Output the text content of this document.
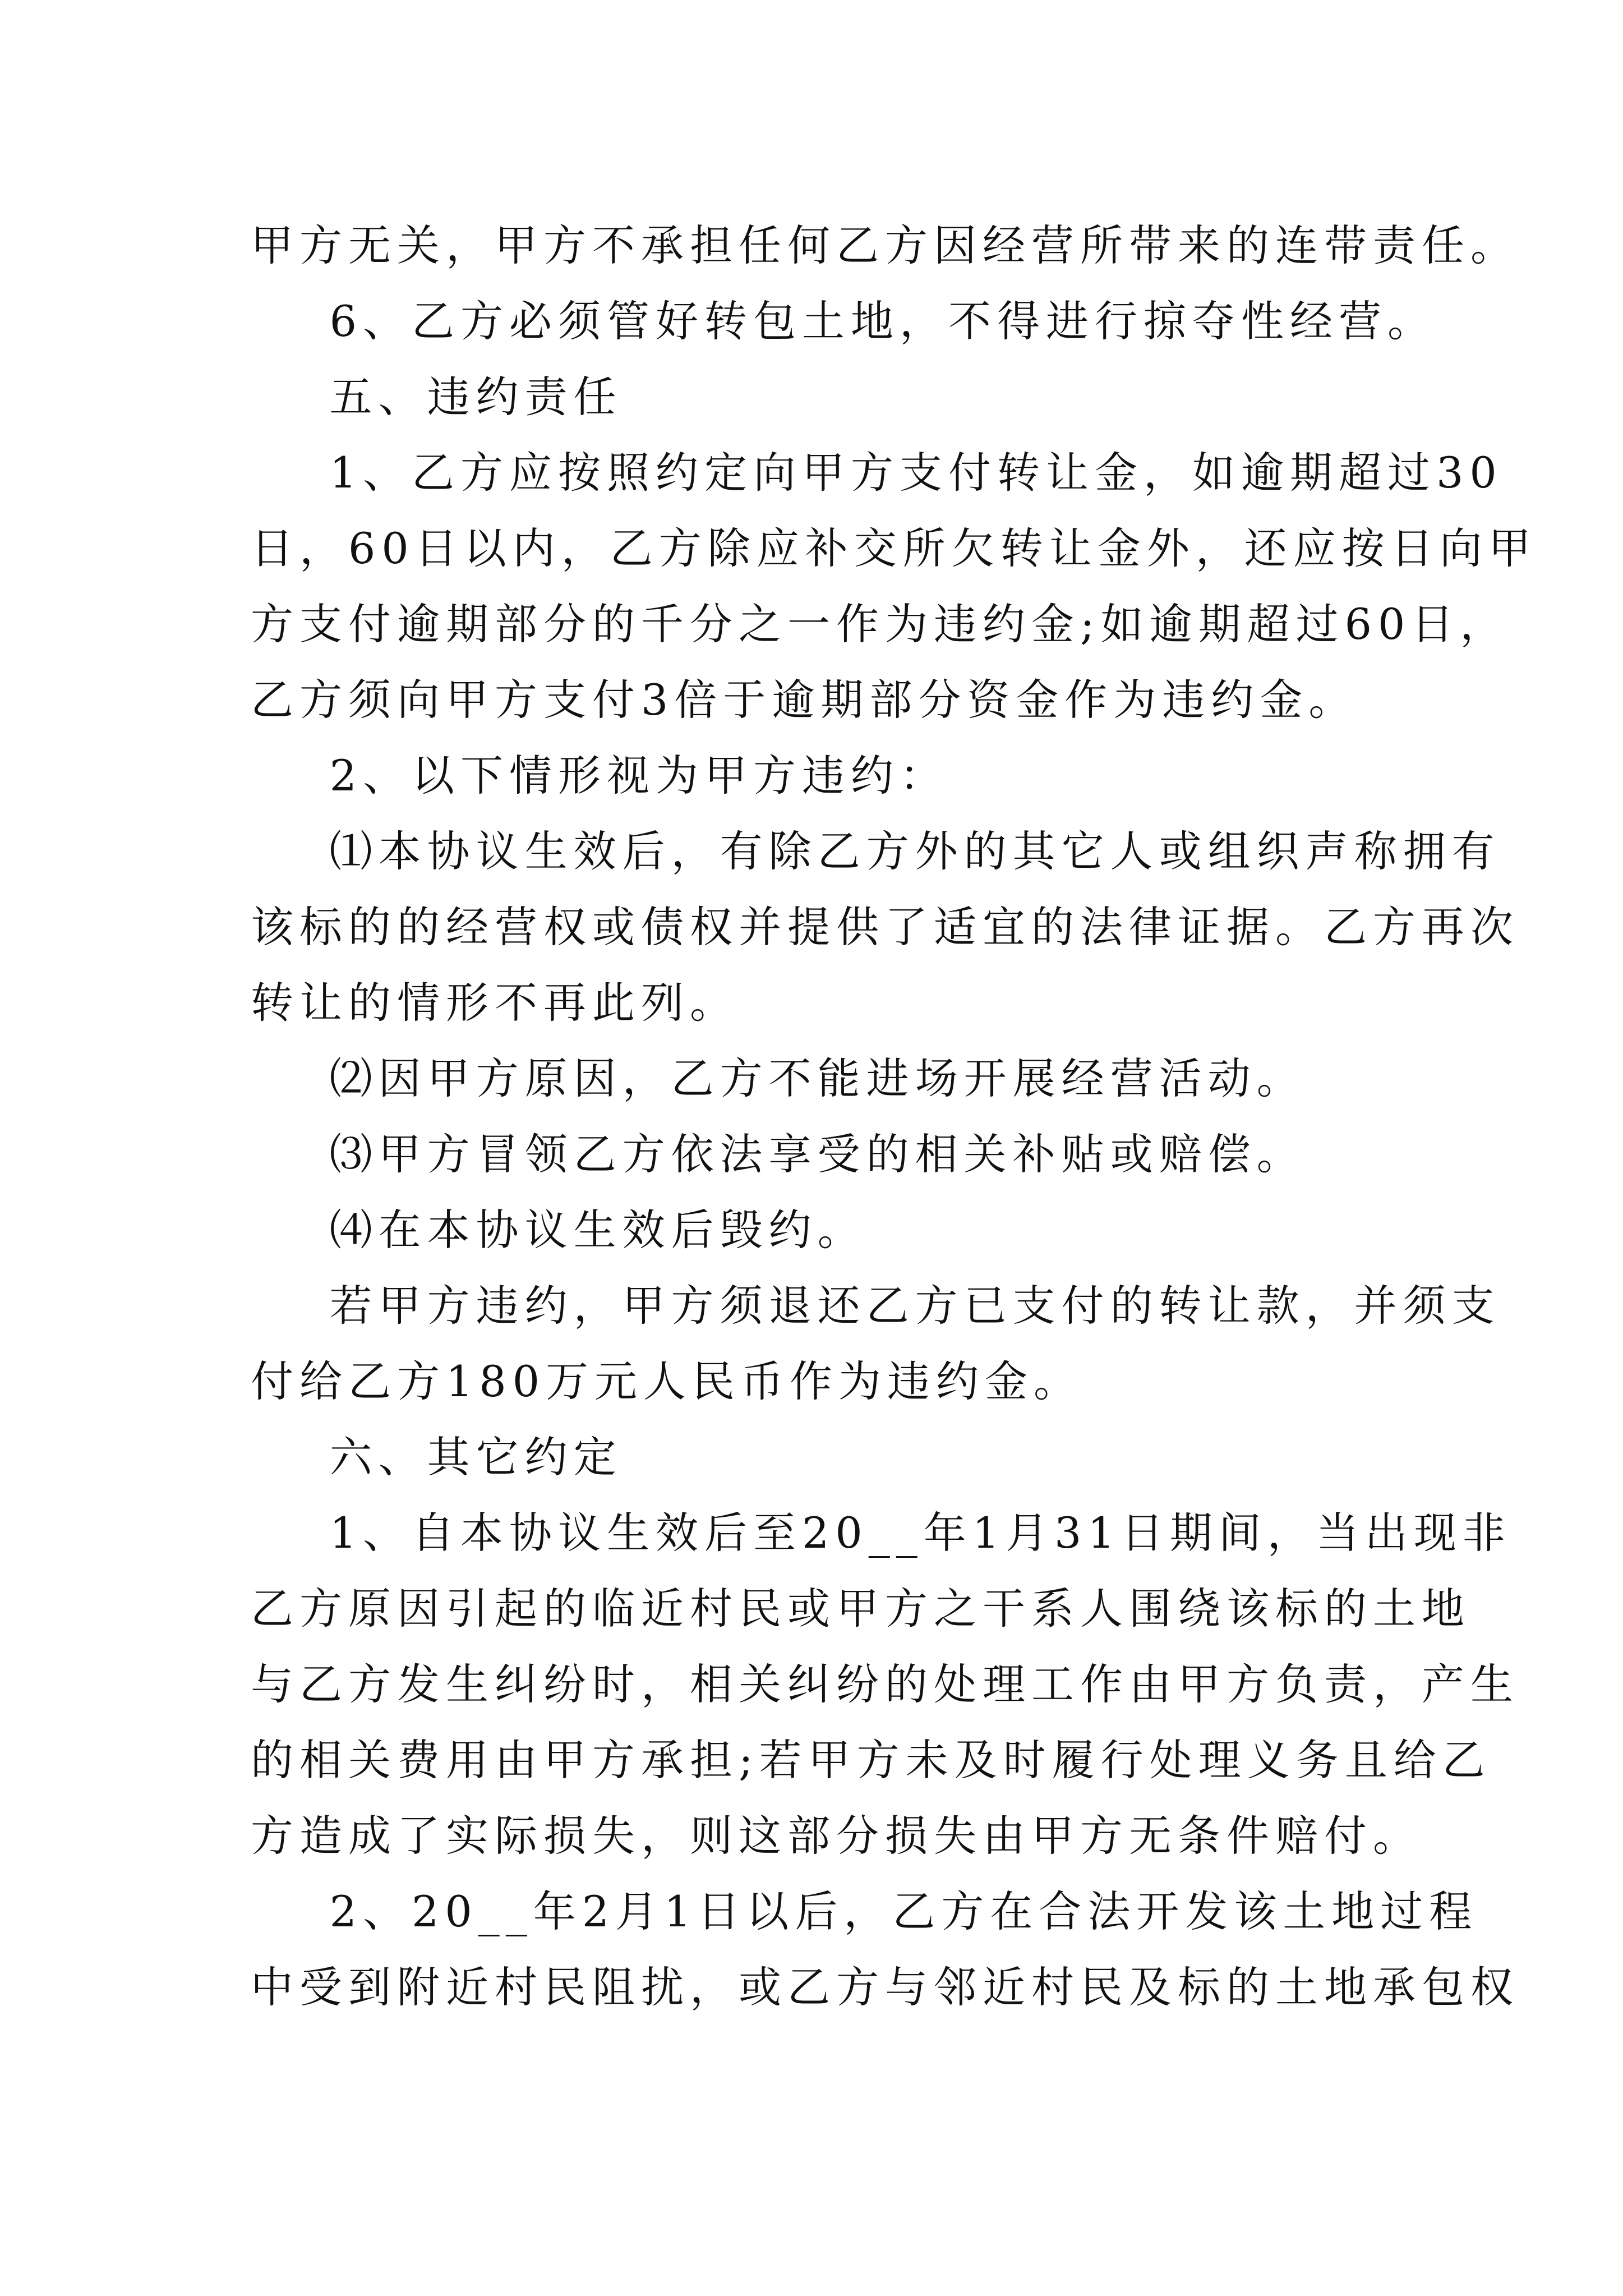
甲方无关，甲方不承担任何乙方因经营所带来的连带责任。
6、乙方必须管好转包土地，不得进行掠夺性经营。
五、违约责任
1、乙方应按照约定向甲方支付转让金，如逾期超过30
日，60日以内，乙方除应补交所欠转让金外，还应按日向甲
方支付逾期部分的千分之一作为违约金;如逾期超过60日，
乙方须向甲方支付3倍于逾期部分资金作为违约金。
2、以下情形视为甲方违约：
⑴本协议生效后，有除乙方外的其它人或组织声称拥有
该标的的经营权或债权并提供了适宜的法律证据。乙方再次
转让的情形不再此列。
⑵因甲方原因，乙方不能进场开展经营活动。
⑶甲方冒领乙方依法享受的相关补贴或赔偿。
⑷在本协议生效后毁约。
若甲方违约，甲方须退还乙方已支付的转让款，并须支
付给乙方180万元人民币作为违约金。
六、其它约定
1、自本协议生效后至20__年1月31日期间，当出现非
乙方原因引起的临近村民或甲方之干系人围绕该标的土地
与乙方发生纠纷时，相关纠纷的处理工作由甲方负责，产生
的相关费用由甲方承担;若甲方未及时履行处理义务且给乙
方造成了实际损失，则这部分损失由甲方无条件赔付。
2、20__年2月1日以后，乙方在合法开发该土地过程
中受到附近村民阻扰，或乙方与邻近村民及标的土地承包权
